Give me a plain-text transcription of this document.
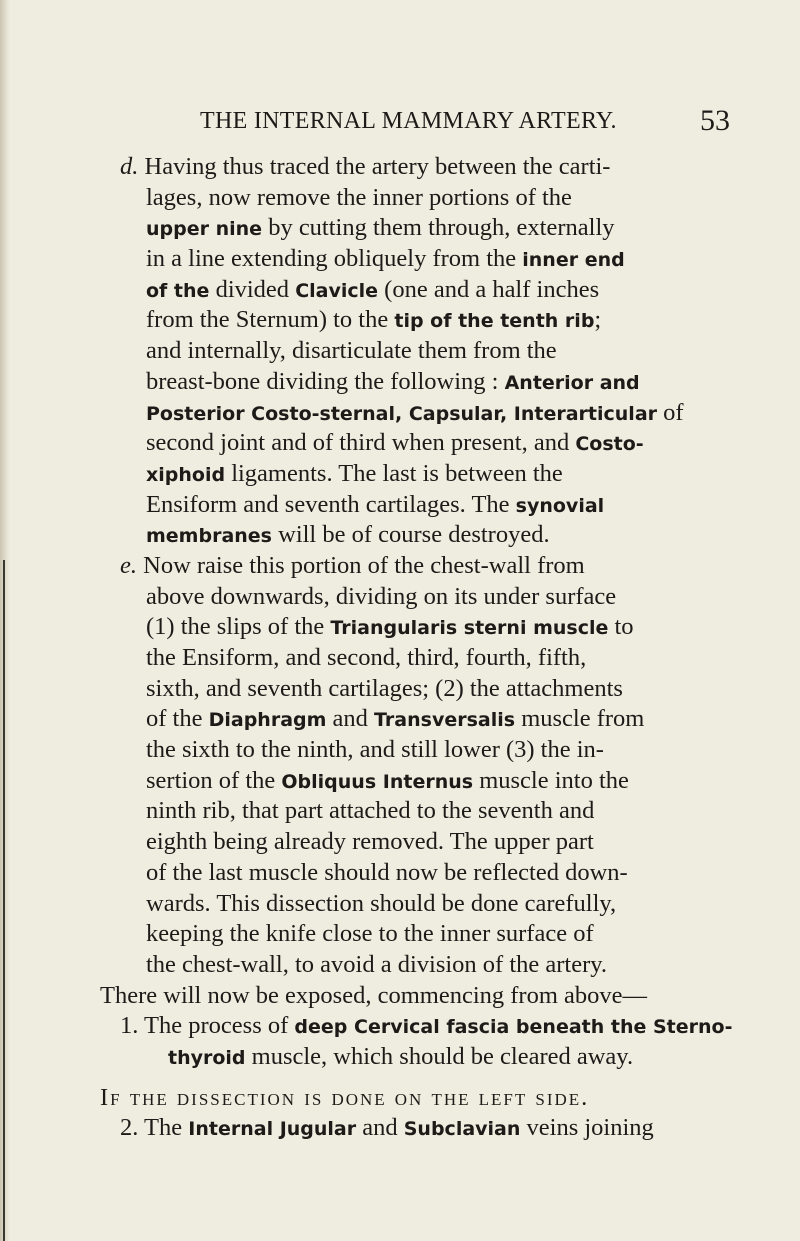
THE INTERNAL MAMMARY ARTERY.	53
d. Having thus traced the artery between the carti-
lages, now remove the inner portions of the
upper nine by cutting them through, externally
in a line extending obliquely from the inner end
of the divided Clavicle (one and a half inches
from the Sternum) to the tip of the tenth rib;
and internally, disarticulate them from the
breast-bone dividing the following : Anterior and
Posterior Costo-sternal, Capsular, Interarticular of
second joint and of third when present, and Costo-
xiphoid ligaments. The last is between the
Ensiform and seventh cartilages. The synovial
membranes will be of course destroyed.
e. Now raise this portion of the chest-wall from
above downwards, dividing on its under surface
(1) the slips of the Triangularis sterni muscle to
the Ensiform, and second, third, fourth, fifth,
sixth, and seventh cartilages; (2) the attachments
of the Diaphragm and Transversalis muscle from
the sixth to the ninth, and still lower (3) the in-
sertion of the Obliquus Internus muscle into the
ninth rib, that part attached to the seventh and
eighth being already removed. The upper part
of the last muscle should now be reflected down-
wards. This dissection should be done carefully,
keeping the knife close to the inner surface of
the chest-wall, to avoid a division of the artery.
There will now be exposed, commencing from above—
1. The process of deep Cervical fascia beneath the Sterno-
thyroid muscle, which should be cleared away.
If the dissection is done on the left side.
2. The Internal Jugular and Subclavian veins joining
